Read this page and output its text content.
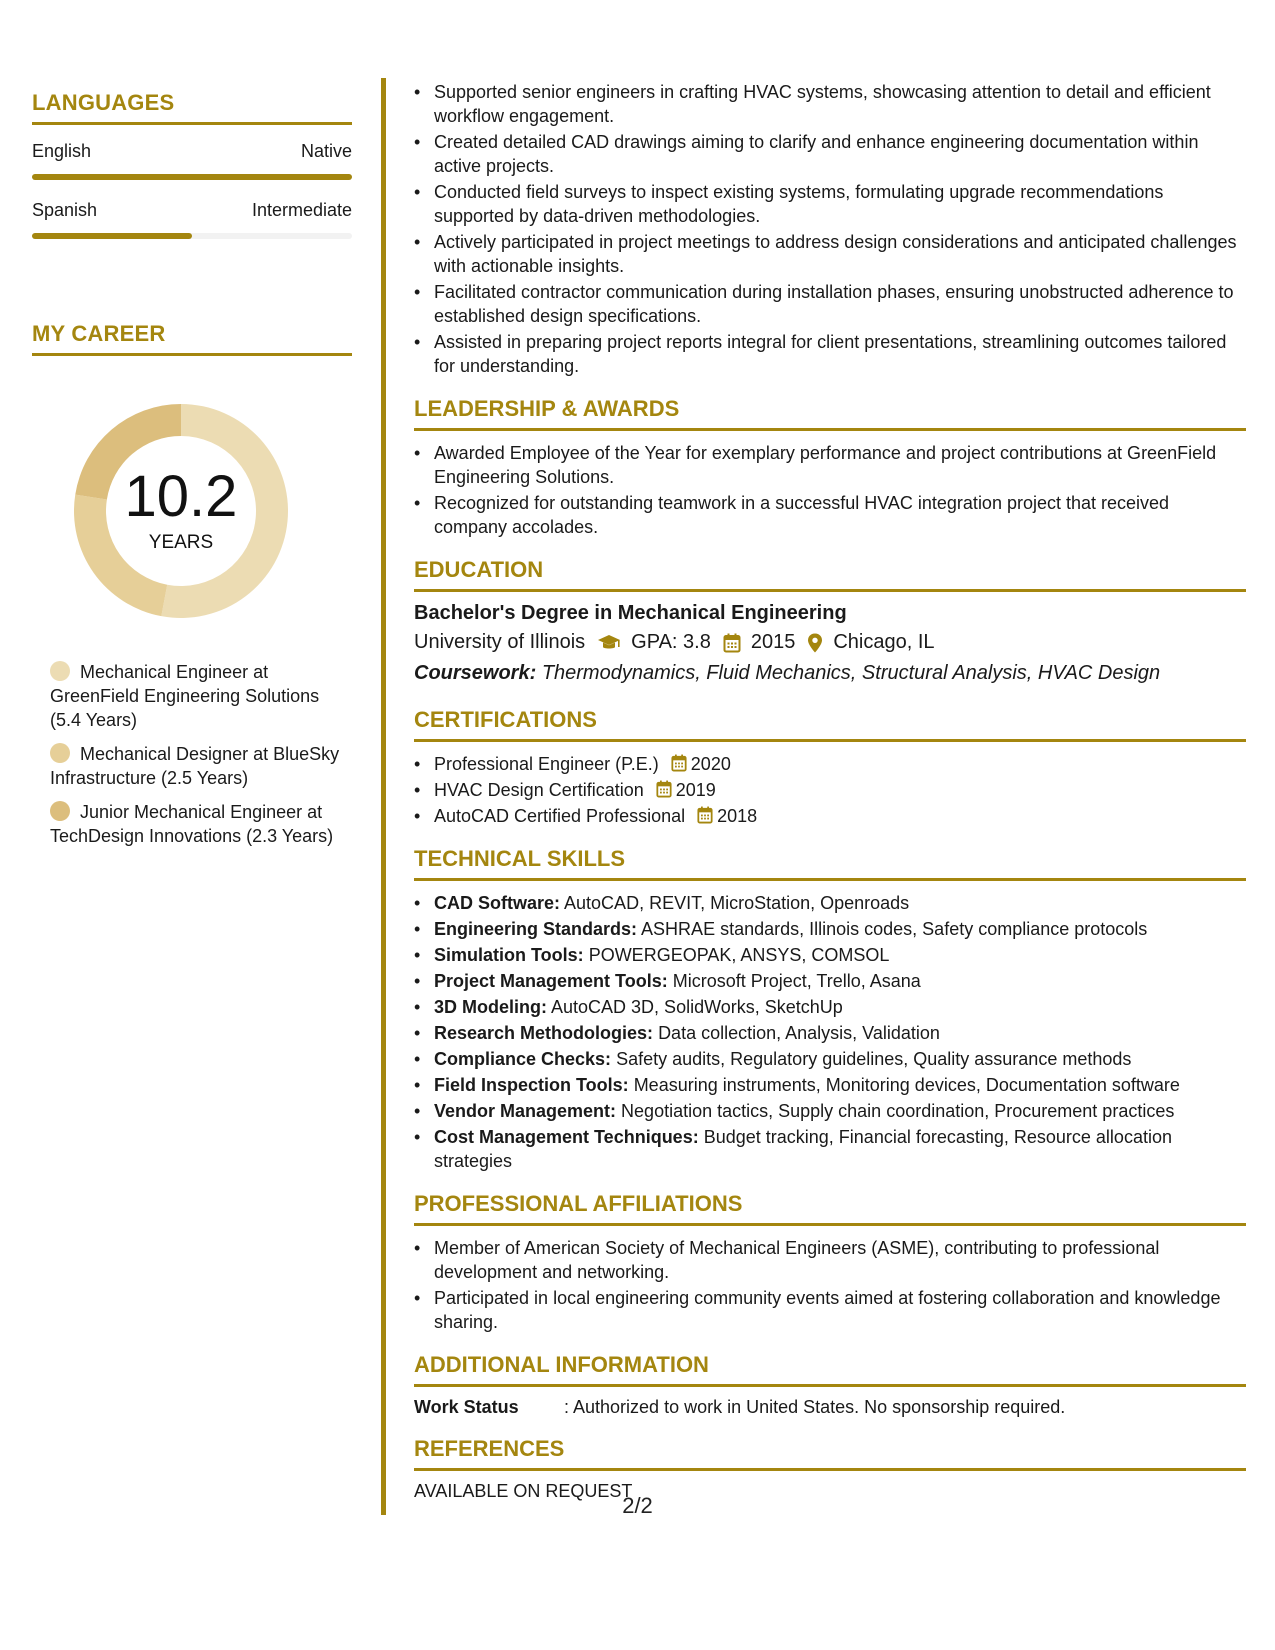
LANGUAGES
English	Native
Spanish	Intermediate
MY CAREER
10.2
YEARS
Mechanical Engineer at GreenField Engineering Solutions (5.4 Years)
Mechanical Designer at BlueSky Infrastructure (2.5 Years)
Junior Mechanical Engineer at TechDesign Innovations (2.3 Years)
• Supported senior engineers in crafting HVAC systems, showcasing attention to detail and efficient workflow engagement.
• Created detailed CAD drawings aiming to clarify and enhance engineering documentation within active projects.
• Conducted field surveys to inspect existing systems, formulating upgrade recommendations supported by data-driven methodologies.
• Actively participated in project meetings to address design considerations and anticipated challenges with actionable insights.
• Facilitated contractor communication during installation phases, ensuring unobstructed adherence to established design specifications.
• Assisted in preparing project reports integral for client presentations, streamlining outcomes tailored for understanding.
LEADERSHIP & AWARDS
• Awarded Employee of the Year for exemplary performance and project contributions at GreenField Engineering Solutions.
• Recognized for outstanding teamwork in a successful HVAC integration project that received company accolades.
EDUCATION
Bachelor's Degree in Mechanical Engineering
University of Illinois GPA: 3.8 2015 Chicago, IL
Coursework: Thermodynamics, Fluid Mechanics, Structural Analysis, HVAC Design
CERTIFICATIONS
• Professional Engineer (P.E.) 2020
• HVAC Design Certification 2019
• AutoCAD Certified Professional 2018
TECHNICAL SKILLS
• CAD Software: AutoCAD, REVIT, MicroStation, Openroads
• Engineering Standards: ASHRAE standards, Illinois codes, Safety compliance protocols
• Simulation Tools: POWERGEOPAK, ANSYS, COMSOL
• Project Management Tools: Microsoft Project, Trello, Asana
• 3D Modeling: AutoCAD 3D, SolidWorks, SketchUp
• Research Methodologies: Data collection, Analysis, Validation
• Compliance Checks: Safety audits, Regulatory guidelines, Quality assurance methods
• Field Inspection Tools: Measuring instruments, Monitoring devices, Documentation software
• Vendor Management: Negotiation tactics, Supply chain coordination, Procurement practices
• Cost Management Techniques: Budget tracking, Financial forecasting, Resource allocation strategies
PROFESSIONAL AFFILIATIONS
• Member of American Society of Mechanical Engineers (ASME), contributing to professional development and networking.
• Participated in local engineering community events aimed at fostering collaboration and knowledge sharing.
ADDITIONAL INFORMATION
Work Status	: Authorized to work in United States. No sponsorship required.
REFERENCES
AVAILABLE ON REQUEST
2/2
